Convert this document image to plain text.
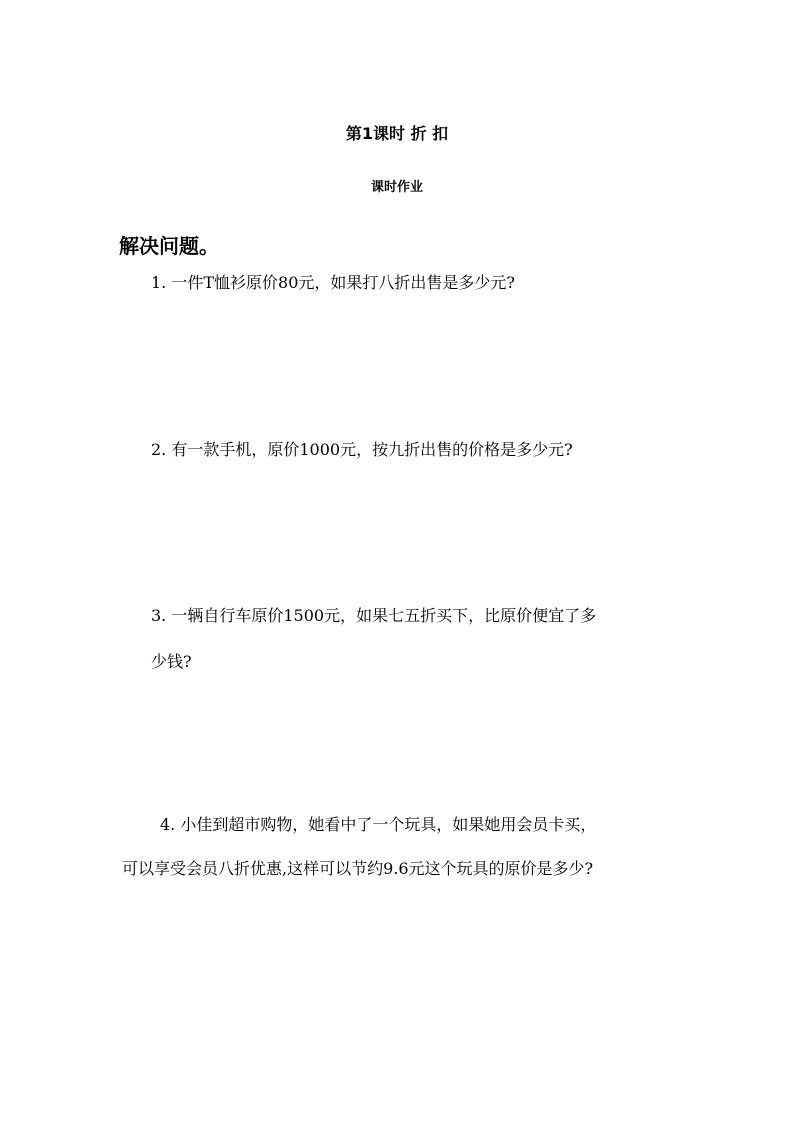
第1课时 折 扣
课时作业
解决问题。
1. 一件T恤衫原价80元，如果打八折出售是多少元?
2. 有一款手机，原价1000元，按九折出售的价格是多少元?
3. 一辆自行车原价1500元，如果七五折买下，比原价便宜了多
少钱?
4. 小佳到超市购物，她看中了一个玩具，如果她用会员卡买，
可以享受会员八折优惠,这样可以节约9.6元这个玩具的原价是多少?
